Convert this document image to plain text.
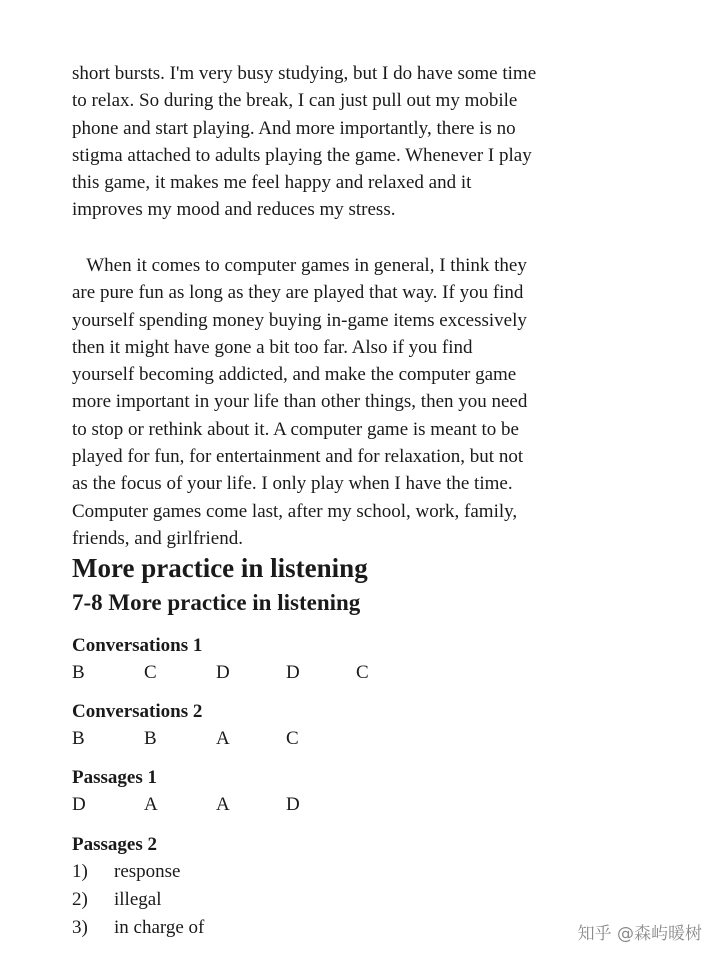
short bursts. I'm very busy studying, but I do have some time
to relax. So during the break, I can just pull out my mobile
phone and start playing. And more importantly, there is no
stigma attached to adults playing the game. Whenever I play
this game, it makes me feel happy and relaxed and it
improves my mood and reduces my stress.

When it comes to computer games in general, I think they
are pure fun as long as they are played that way. If you find
yourself spending money buying in-game items excessively
then it might have gone a bit too far. Also if you find
yourself becoming addicted, and make the computer game
more important in your life than other things, then you need
to stop or rethink about it. A computer game is meant to be
played for fun, for entertainment and for relaxation, but not
as the focus of your life. I only play when I have the time.
Computer games come last, after my school, work, family,
friends, and girlfriend.

More practice in listening
7-8 More practice in listening
Conversations 1
B	C	D	D	C
Conversations 2
B	B	A	C
Passages 1
D	A	A	D
Passages 2
1) response
2) illegal
3) in charge of	知乎 @森屿暖树
